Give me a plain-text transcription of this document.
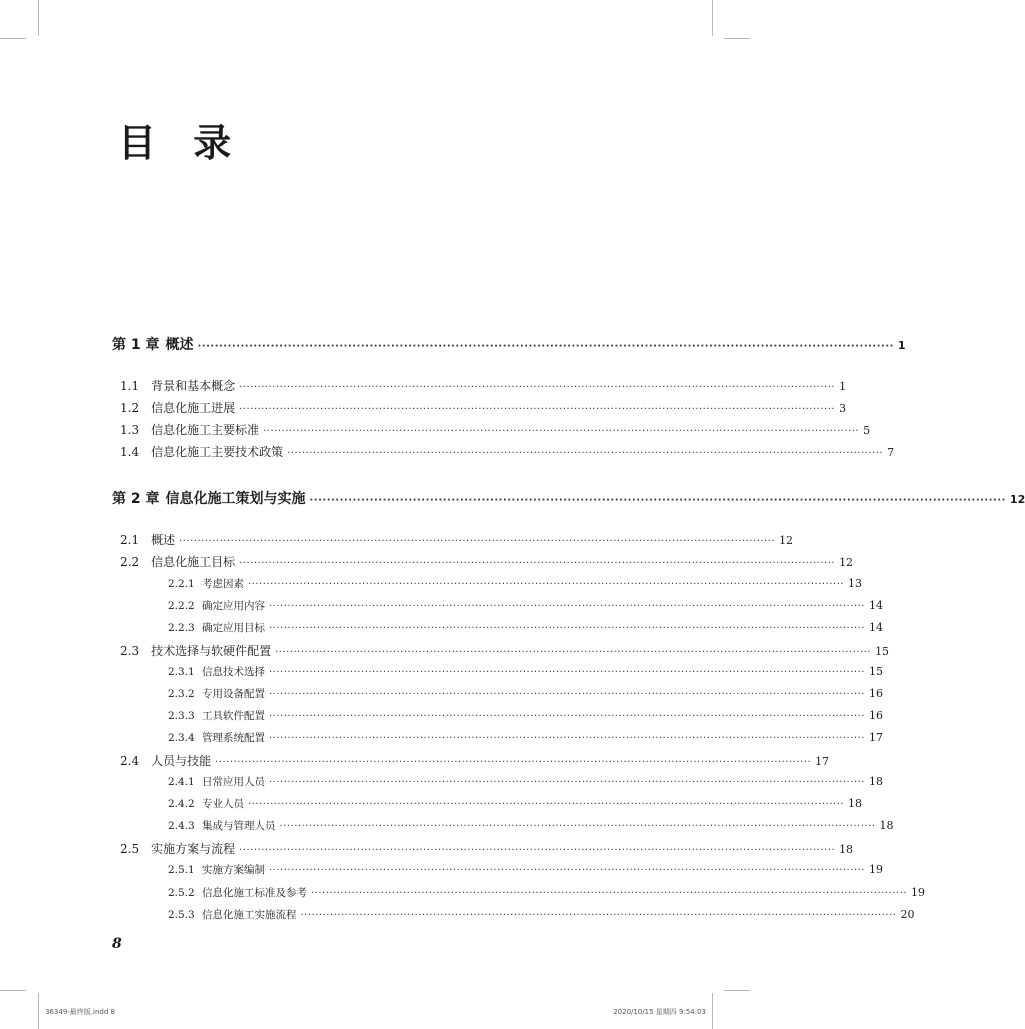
目 录
第 1 章 概述 ·································································································································································· 1
1.1 背景和基本概念 ·································································································································································· 1
1.2 信息化施工进展 ·································································································································································· 3
1.3 信息化施工主要标准 ·································································································································································· 5
1.4 信息化施工主要技术政策 ·································································································································································· 7
第 2 章 信息化施工策划与实施 ·································································································································································· 12
2.1 概述 ·································································································································································· 12
2.2 信息化施工目标 ·································································································································································· 12
2.2.1 考虑因素 ·································································································································································· 13
2.2.2 确定应用内容 ·································································································································································· 14
2.2.3 确定应用目标 ·································································································································································· 14
2.3 技术选择与软硬件配置 ·································································································································································· 15
2.3.1 信息技术选择 ·································································································································································· 15
2.3.2 专用设备配置 ·································································································································································· 16
2.3.3 工具软件配置 ·································································································································································· 16
2.3.4 管理系统配置 ·································································································································································· 17
2.4 人员与技能 ·································································································································································· 17
2.4.1 日常应用人员 ·································································································································································· 18
2.4.2 专业人员 ·································································································································································· 18
2.4.3 集成与管理人员 ·································································································································································· 18
2.5 实施方案与流程 ·································································································································································· 18
2.5.1 实施方案编制 ·································································································································································· 19
2.5.2 信息化施工标准及参考 ·································································································································································· 19
2.5.3 信息化施工实施流程 ·································································································································································· 20
8
36349-最终版.indd 8	2020/10/15 星期四 9:54:03
